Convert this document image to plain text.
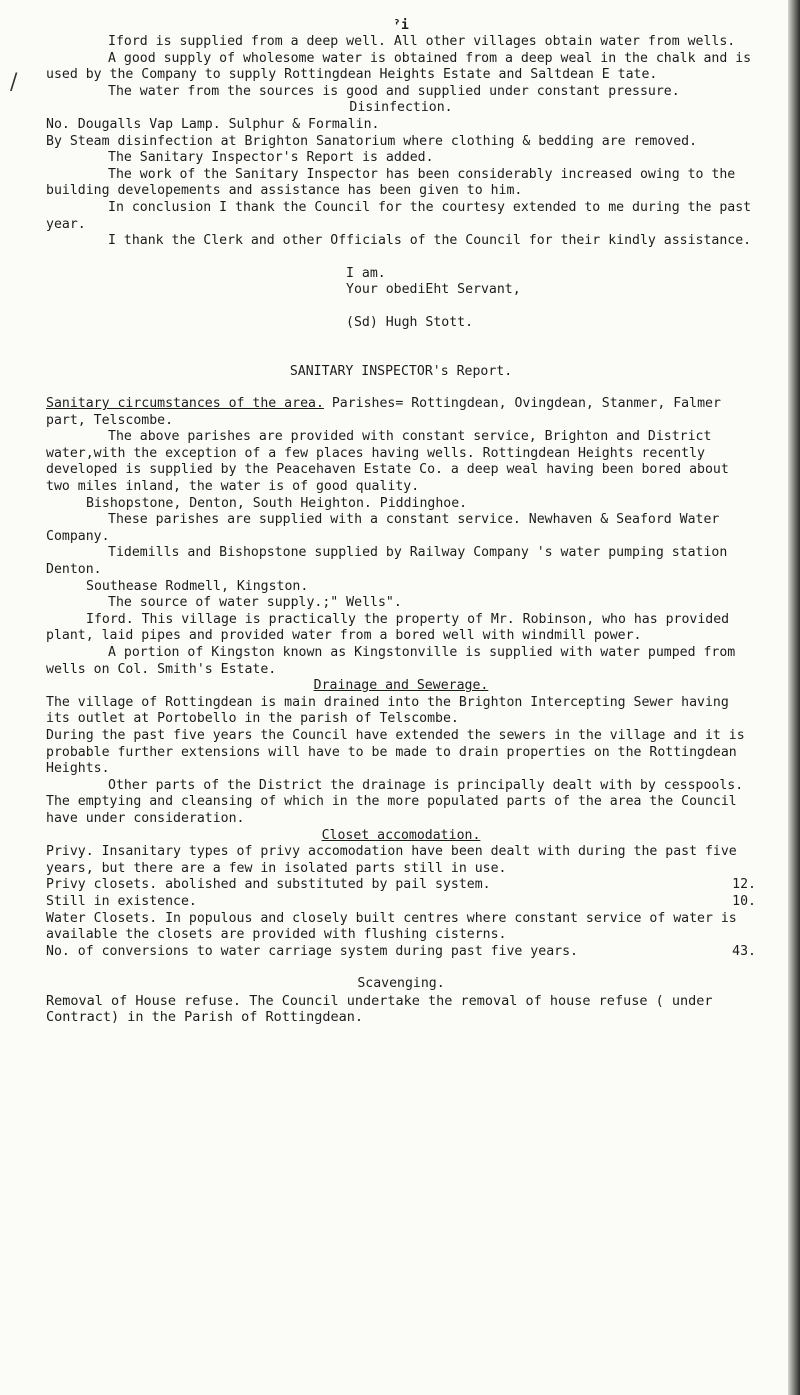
/
ˀi

Iford is supplied from a deep well. All other villages obtain water from wells.

A good supply of wholesome water is obtained from a deep weal in the chalk and is used by the Company to supply Rottingdean Heights Estate and Saltdean E tate.

The water from the sources is good and supplied under constant pressure.

Disinfection.

No. Dougalls Vap Lamp. Sulphur & Formalin.

By Steam disinfection at Brighton Sanatorium where clothing & bedding are removed.

The Sanitary Inspector's Report is added.

The work of the Sanitary Inspector has been considerably increased owing to the building developements and assistance has been given to him.

In conclusion I thank the Council for the courtesy extended to me during the past year.

I thank the Clerk and other Officials of the Council for their kindly assistance.

I am.

Your obediEht Servant,

(Sd) Hugh Stott.

SANITARY INSPECTOR's Report.

Sanitary circumstances of the area. Parishes= Rottingdean, Ovingdean, Stanmer, Falmer part, Telscombe.

The above parishes are provided with constant service, Brighton and District water,with the exception of a few places having wells. Rottingdean Heights recently developed is supplied by the Peacehaven Estate Co. a deep weal having been bored about two miles inland, the water is of good quality.

Bishopstone, Denton, South Heighton. Piddinghoe.

These parishes are supplied with a constant service. Newhaven & Seaford Water Company.

Tidemills and Bishopstone supplied by Railway Company 's water pumping station Denton.

Southease Rodmell, Kingston.

The source of water supply.;" Wells".

Iford. This village is practically the property of Mr. Robinson, who has provided plant, laid pipes and provided water from a bored well with windmill power.

A portion of Kingston known as Kingstonville is supplied with water pumped from wells on Col. Smith's Estate.

Drainage and Sewerage.

The village of Rottingdean is main drained into the Brighton Intercepting Sewer having its outlet at Portobello in the parish of Telscombe.

During the past five years the Council have extended the sewers in the village and it is probable further extensions will have to be made to drain properties on the Rottingdean Heights.

Other parts of the District the drainage is principally dealt with by cesspools. The emptying and cleansing of which in the more populated parts of the area the Council have under consideration.

Closet accomodation.

Privy. Insanitary types of privy accomodation have been dealt with during the past five years, but there are a few in isolated parts still in use.

Privy closets. abolished and substituted by pail system.	12.
Still in existence.	10.

Water Closets. In populous and closely built centres where constant service of water is available the closets are provided with flushing cisterns.

No. of conversions to water carriage system during past five years.	43.

Scavenging.

Removal of House refuse. The Council undertake the removal of house refuse ( under Contract) in the Parish of Rottingdean.
